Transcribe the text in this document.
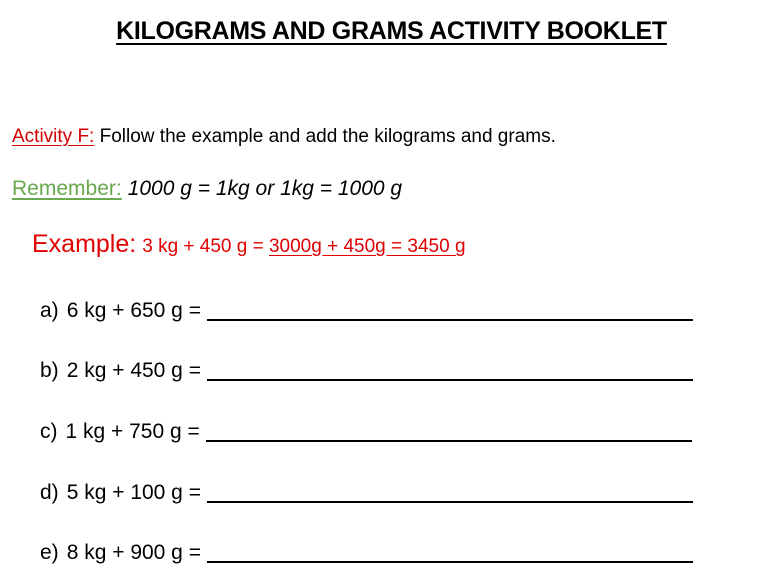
KILOGRAMS AND GRAMS ACTIVITY BOOKLET
Activity F: Follow the example and add the kilograms and grams.
Remember: 1000 g = 1kg or 1kg = 1000 g
Example: 3 kg + 450 g = 3000g + 450g = 3450 g
a) 6 kg + 650 g =
b) 2 kg + 450 g =
c) 1 kg + 750 g =
d) 5 kg + 100 g =
e) 8 kg + 900 g =
